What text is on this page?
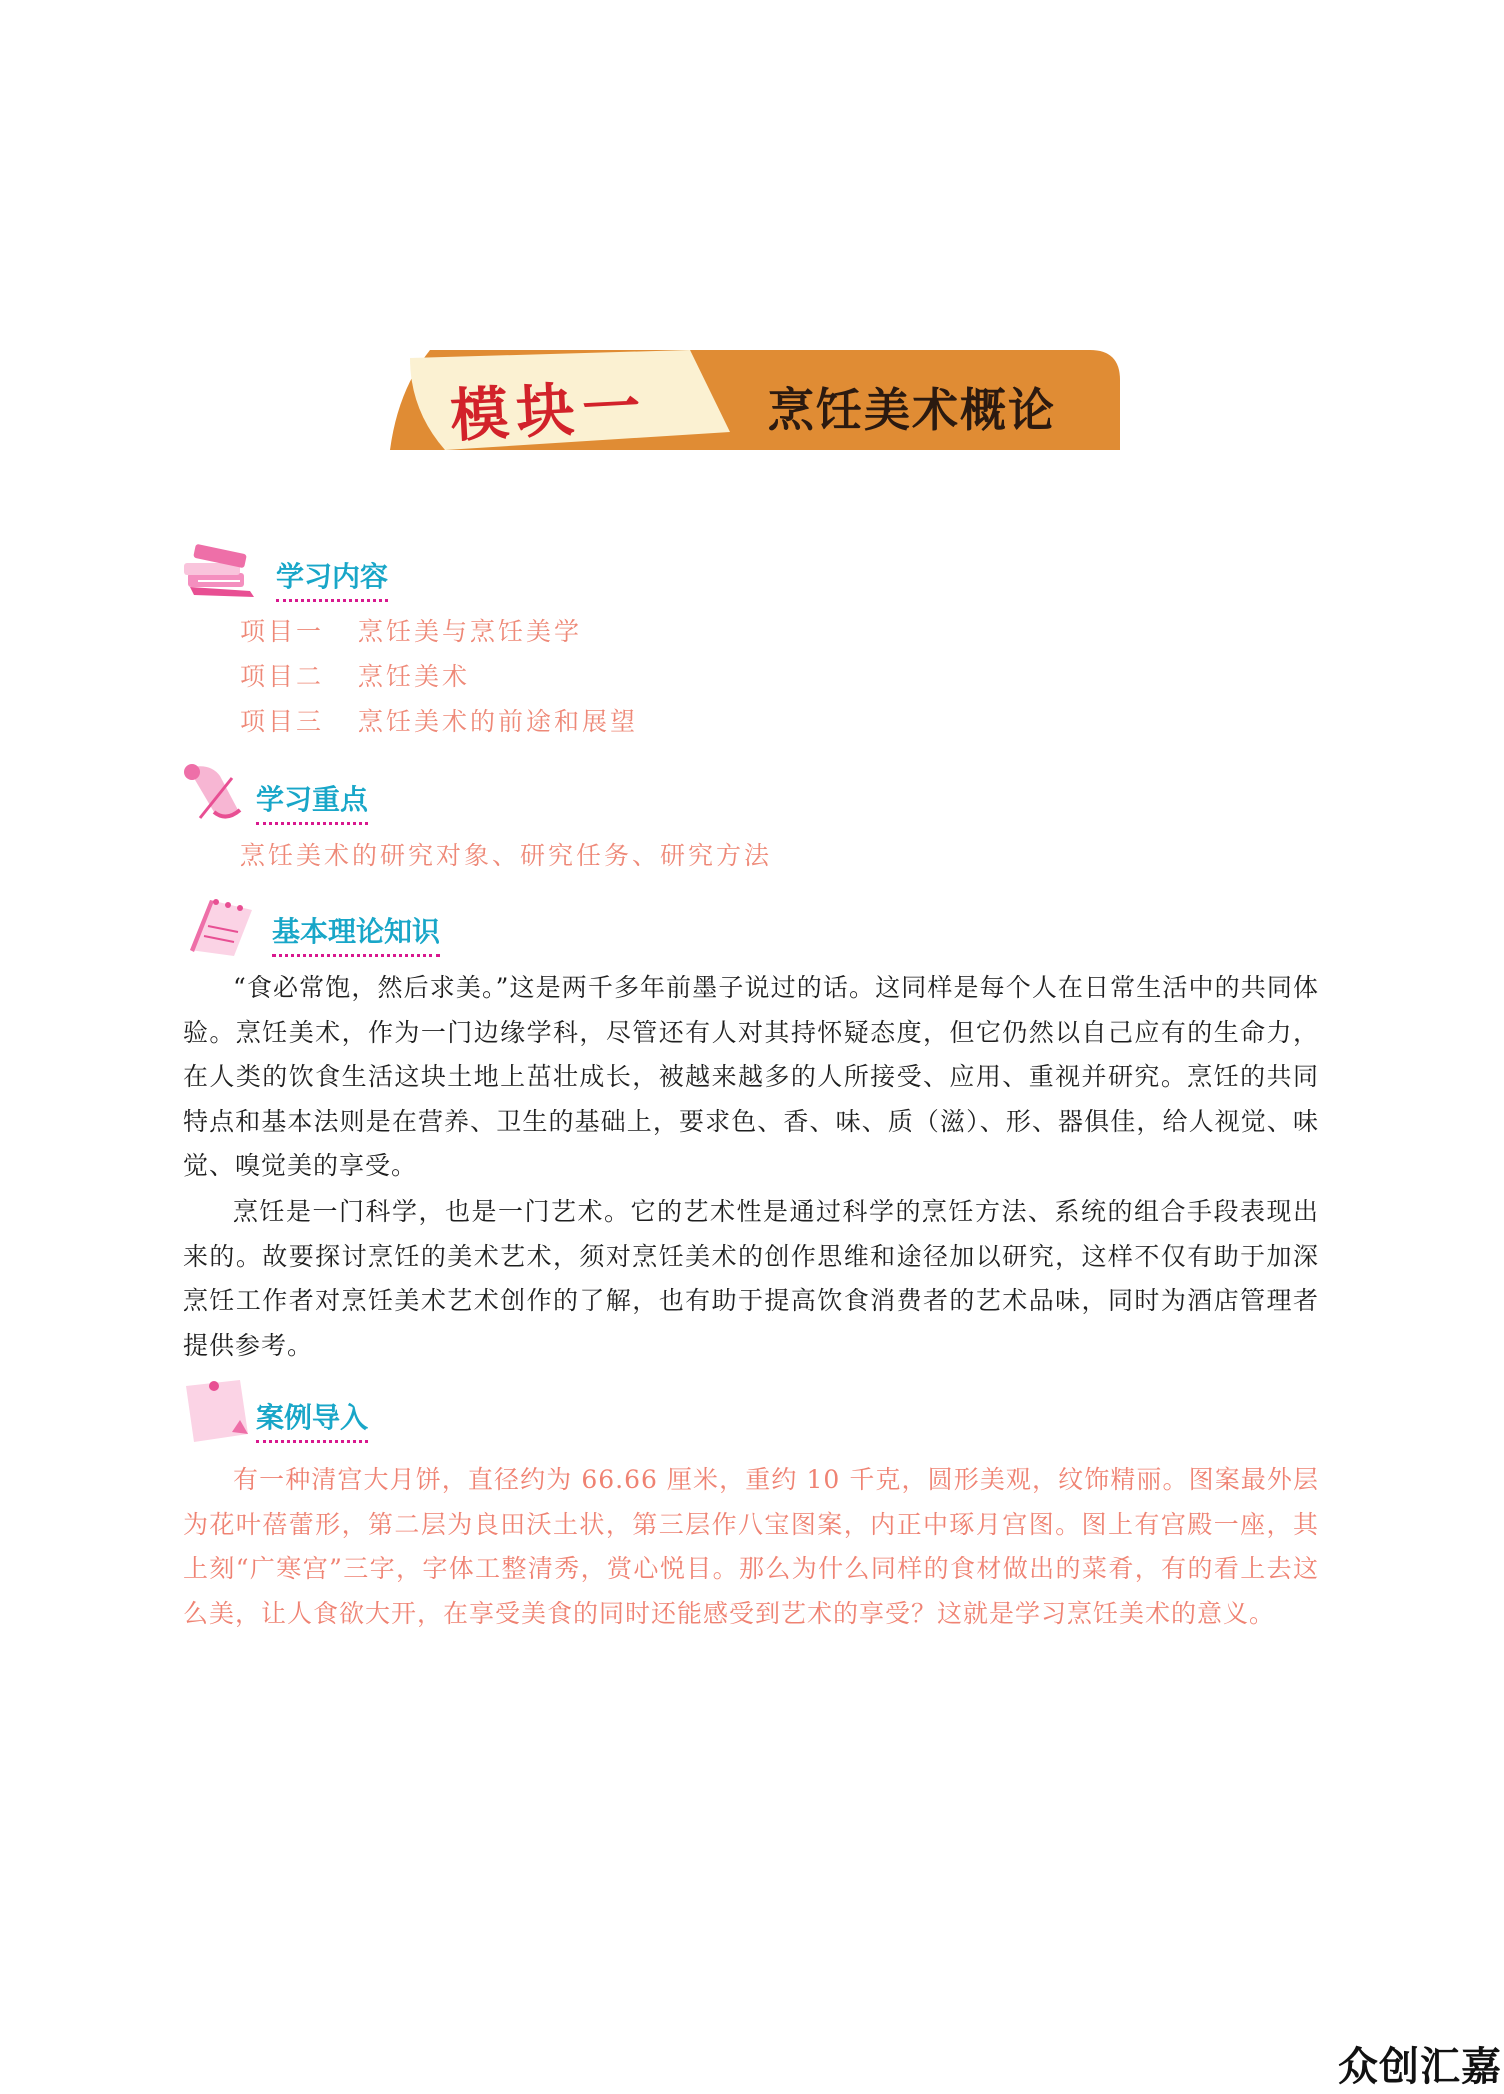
模块一	烹饪美术概论
学习内容
项目一 烹饪美与烹饪美学
项目二 烹饪美术
项目三 烹饪美术的前途和展望
学习重点
烹饪美术的研究对象、研究任务、研究方法
基本理论知识

“食必常饱，然后求美。”这是两千多年前墨子说过的话。这同样是每个人在日常生活中的共同体验。烹饪美术，作为一门边缘学科，尽管还有人对其持怀疑态度，但它仍然以自己应有的生命力，在人类的饮食生活这块土地上茁壮成长，被越来越多的人所接受、应用、重视并研究。烹饪的共同特点和基本法则是在营养、卫生的基础上，要求色、香、味、质（滋）、形、器俱佳，给人视觉、味觉、嗅觉美的享受。

烹饪是一门科学，也是一门艺术。它的艺术性是通过科学的烹饪方法、系统的组合手段表现出来的。故要探讨烹饪的美术艺术，须对烹饪美术的创作思维和途径加以研究，这样不仅有助于加深烹饪工作者对烹饪美术艺术创作的了解，也有助于提高饮食消费者的艺术品味，同时为酒店管理者提供参考。

案例导入

有一种清宫大月饼，直径约为 66.66 厘米，重约 10 千克，圆形美观，纹饰精丽。图案最外层为花叶蓓蕾形，第二层为良田沃土状，第三层作八宝图案，内正中琢月宫图。图上有宫殿一座，其上刻“广寒宫”三字，字体工整清秀，赏心悦目。那么为什么同样的食材做出的菜肴，有的看上去这么美，让人食欲大开，在享受美食的同时还能感受到艺术的享受？这就是学习烹饪美术的意义。

众创汇嘉
